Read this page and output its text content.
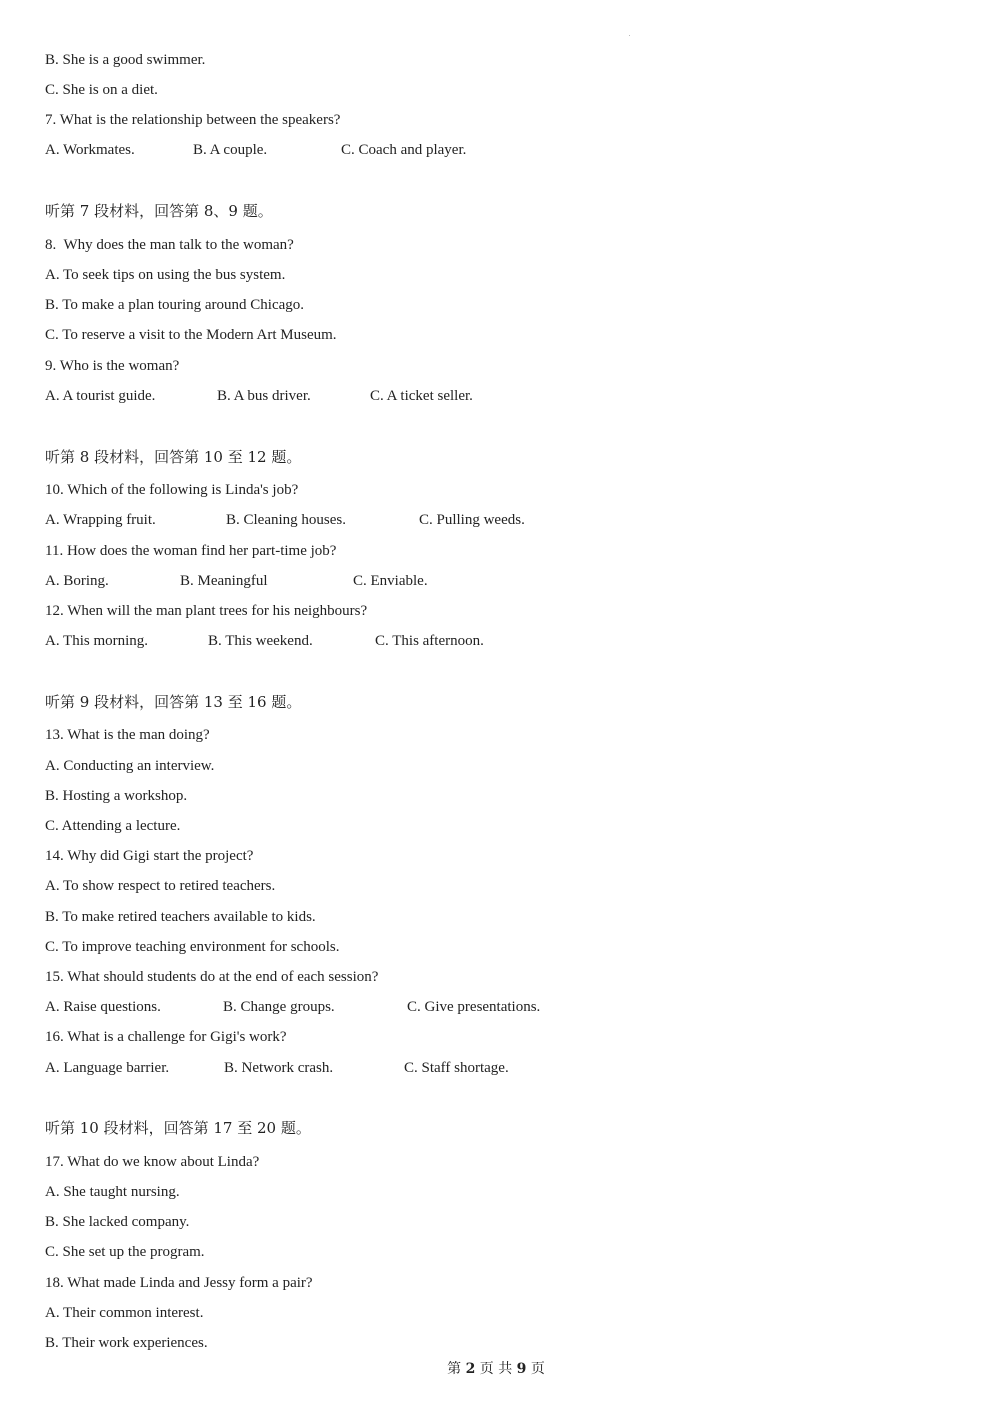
B. She is a good swimmer.
C. She is on a diet.
7. What is the relationship between the speakers?
A. Workmates.	B. A couple.	C. Coach and player.
听第 7 段材料，回答第 8、9 题。
8.  Why does the man talk to the woman?
A. To seek tips on using the bus system.
B. To make a plan touring around Chicago.
C. To reserve a visit to the Modern Art Museum.
9. Who is the woman?
A. A tourist guide.	B. A bus driver.	C. A ticket seller.
听第 8 段材料，回答第 10 至 12 题。
10. Which of the following is Linda's job?
A. Wrapping fruit.	B. Cleaning houses.	C. Pulling weeds.
11. How does the woman find her part-time job?
A. Boring.	B. Meaningful	C. Enviable.
12. When will the man plant trees for his neighbours?
A. This morning.	B. This weekend.	C. This afternoon.
听第 9 段材料，回答第 13 至 16 题。
13. What is the man doing?
A. Conducting an interview.
B. Hosting a workshop.
C. Attending a lecture.
14. Why did Gigi start the project?
A. To show respect to retired teachers.
B. To make retired teachers available to kids.
C. To improve teaching environment for schools.
15. What should students do at the end of each session?
A. Raise questions.	B. Change groups.	C. Give presentations.
16. What is a challenge for Gigi's work?
A. Language barrier.	B. Network crash.	C. Staff shortage.
听第 10 段材料，回答第 17 至 20 题。
17. What do we know about Linda?
A. She taught nursing.
B. She lacked company.
C. She set up the program.
18. What made Linda and Jessy form a pair?
A. Their common interest.
B. Their work experiences.
第 2 页 共 9 页
